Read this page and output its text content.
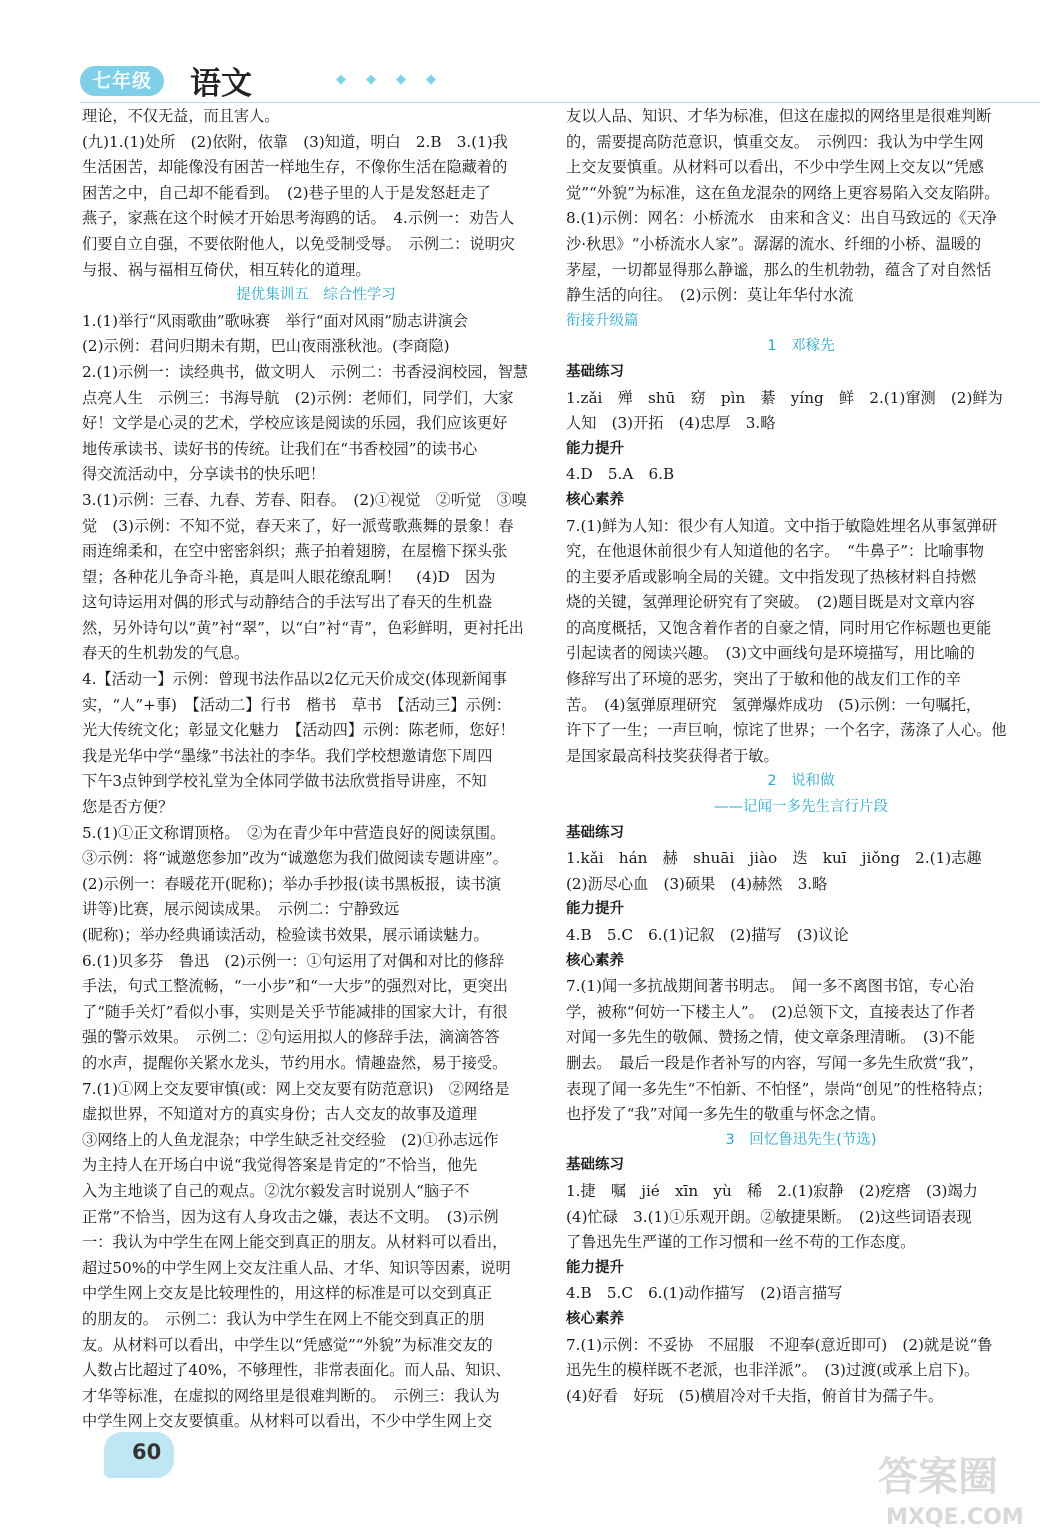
七年级	语文	◆◆◆◆

理论，不仅无益，而且害人。

(九)1.(1)处所　(2)依附，依靠　(3)知道，明白　2.B　3.(1)我

生活困苦，却能像没有困苦一样地生存，不像你生活在隐藏着的

困苦之中，自己却不能看到。　(2)巷子里的人于是发怒赶走了

燕子，家燕在这个时候才开始思考海鸥的话。　4.示例一：劝告人

们要自立自强，不要依附他人，以免受制受辱。　示例二：说明灾

与报、祸与福相互倚伏，相互转化的道理。

提优集训五　综合性学习

1.(1)举行“风雨歌曲”歌咏赛　举行“面对风雨”励志讲演会

(2)示例：君问归期未有期，巴山夜雨涨秋池。(李商隐)

2.(1)示例一：读经典书，做文明人　示例二：书香浸润校园，智慧

点亮人生　示例三：书海导航　(2)示例：老师们，同学们，大家

好！文学是心灵的艺术，学校应该是阅读的乐园，我们应该更好

地传承读书、读好书的传统。让我们在“书香校园”的读书心

得交流活动中，分享读书的快乐吧！

3.(1)示例：三春、九春、芳春、阳春。　(2)①视觉　②听觉　③嗅

觉　(3)示例：不知不觉，春天来了，好一派莺歌燕舞的景象！春

雨连绵柔和，在空中密密斜织；燕子拍着翅膀，在屋檐下探头张

望；各种花儿争奇斗艳，真是叫人眼花缭乱啊！　(4)D　因为

这句诗运用对偶的形式与动静结合的手法写出了春天的生机盎

然，另外诗句以“黄”衬“翠”，以“白”衬“青”，色彩鲜明，更衬托出

春天的生机勃发的气息。

4.【活动一】示例：曾现书法作品以2亿元天价成交(体现新闻事

实，“人”+事)　【活动二】行书　楷书　草书　【活动三】示例：

光大传统文化；彰显文化魅力　【活动四】示例：陈老师，您好！

我是光华中学“墨缘”书法社的李华。我们学校想邀请您下周四

下午3点钟到学校礼堂为全体同学做书法欣赏指导讲座，不知

您是否方便？

5.(1)①正文称谓顶格。　②为在青少年中营造良好的阅读氛围。

③示例：将“诚邀您参加”改为“诚邀您为我们做阅读专题讲座”。

(2)示例一：春暖花开(昵称)；举办手抄报(读书黑板报，读书演

讲等)比赛，展示阅读成果。　示例二：宁静致远

(昵称)；举办经典诵读活动，检验读书效果，展示诵读魅力。

6.(1)贝多芬　鲁迅　(2)示例一：①句运用了对偶和对比的修辞

手法，句式工整流畅，“一小步”和“一大步”的强烈对比，更突出

了“随手关灯”看似小事，实则是关乎节能减排的国家大计，有很

强的警示效果。　示例二：②句运用拟人的修辞手法，滴滴答答

的水声，提醒你关紧水龙头，节约用水。情趣盎然，易于接受。

7.(1)①网上交友要审慎(或：网上交友要有防范意识)　②网络是

虚拟世界，不知道对方的真实身份；古人交友的故事及道理

③网络上的人鱼龙混杂；中学生缺乏社交经验　(2)①孙志远作

为主持人在开场白中说“我觉得答案是肯定的”不恰当，他先

入为主地谈了自己的观点。②沈尔毅发言时说别人“脑子不

正常”不恰当，因为这有人身攻击之嫌，表达不文明。　(3)示例

一：我认为中学生在网上能交到真正的朋友。从材料可以看出，

超过50%的中学生网上交友注重人品、才华、知识等因素，说明

中学生网上交友是比较理性的，用这样的标准是可以交到真正

的朋友的。　示例二：我认为中学生在网上不能交到真正的朋

友。从材料可以看出，中学生以“凭感觉”“外貌”为标准交友的

人数占比超过了40%，不够理性，非常表面化。而人品、知识、

才华等标准，在虚拟的网络里是很难判断的。　示例三：我认为

中学生网上交友要慎重。从材料可以看出，不少中学生网上交

友以人品、知识、才华为标准，但这在虚拟的网络里是很难判断

的，需要提高防范意识，慎重交友。　示例四：我认为中学生网

上交友要慎重。从材料可以看出，不少中学生网上交友以“凭感

觉”“外貌”为标准，这在鱼龙混杂的网络上更容易陷入交友陷阱。

8.(1)示例：网名：小桥流水　由来和含义：出自马致远的《天净

沙·秋思》“小桥流水人家”。潺潺的流水、纤细的小桥、温暖的

茅屋，一切都显得那么静谧，那么的生机勃勃，蕴含了对自然恬

静生活的向往。　(2)示例：莫让年华付水流

衔接升级篇

1　邓稼先

基础练习

1.zǎi　殚　shū　窈　pìn　綦　yíng　鲜　2.(1)窜测　(2)鲜为

人知　(3)开拓　(4)忠厚　3.略

能力提升

4.D　5.A　6.B

核心素养

7.(1)鲜为人知：很少有人知道。文中指于敏隐姓埋名从事氢弹研

究，在他退休前很少有人知道他的名字。　“牛鼻子”：比喻事物

的主要矛盾或影响全局的关键。文中指发现了热核材料自持燃

烧的关键，氢弹理论研究有了突破。　(2)题目既是对文章内容

的高度概括，又饱含着作者的自豪之情，同时用它作标题也更能

引起读者的阅读兴趣。　(3)文中画线句是环境描写，用比喻的

修辞写出了环境的恶劣，突出了于敏和他的战友们工作的辛

苦。　(4)氢弹原理研究　氢弹爆炸成功　(5)示例：一句嘱托，

许下了一生；一声巨响，惊诧了世界；一个名字，荡涤了人心。他

是国家最高科技奖获得者于敏。

2　说和做

——记闻一多先生言行片段

基础练习

1.kǎi　hán　赫　shuāi　jiào　迭　kuī　jiǒng　2.(1)志趣

(2)沥尽心血　(3)硕果　(4)赫然　3.略

能力提升

4.B　5.C　6.(1)记叙　(2)描写　(3)议论

核心素养

7.(1)闻一多抗战期间著书明志。　闻一多不离图书馆，专心治

学，被称“何妨一下楼主人”。　(2)总领下文，直接表达了作者

对闻一多先生的敬佩、赞扬之情，使文章条理清晰。　(3)不能

删去。　最后一段是作者补写的内容，写闻一多先生欣赏“我”，

表现了闻一多先生“不怕新、不怕怪”，崇尚“创见”的性格特点；

也抒发了“我”对闻一多先生的敬重与怀念之情。

3　回忆鲁迅先生(节选)

基础练习

1.捷　嘱　jié　xīn　yù　稀　2.(1)寂静　(2)疙瘩　(3)竭力

(4)忙碌　3.(1)①乐观开朗。②敏捷果断。　(2)这些词语表现

了鲁迅先生严谨的工作习惯和一丝不苟的工作态度。

能力提升

4.B　5.C　6.(1)动作描写　(2)语言描写

核心素养

7.(1)示例：不妥协　不屈服　不迎奉(意近即可)　(2)就是说“鲁

迅先生的模样既不老派，也非洋派”。　(3)过渡(或承上启下)。

(4)好看　好玩　(5)横眉冷对千夫指，俯首甘为孺子牛。

60
答案圈
MXQE.COM
